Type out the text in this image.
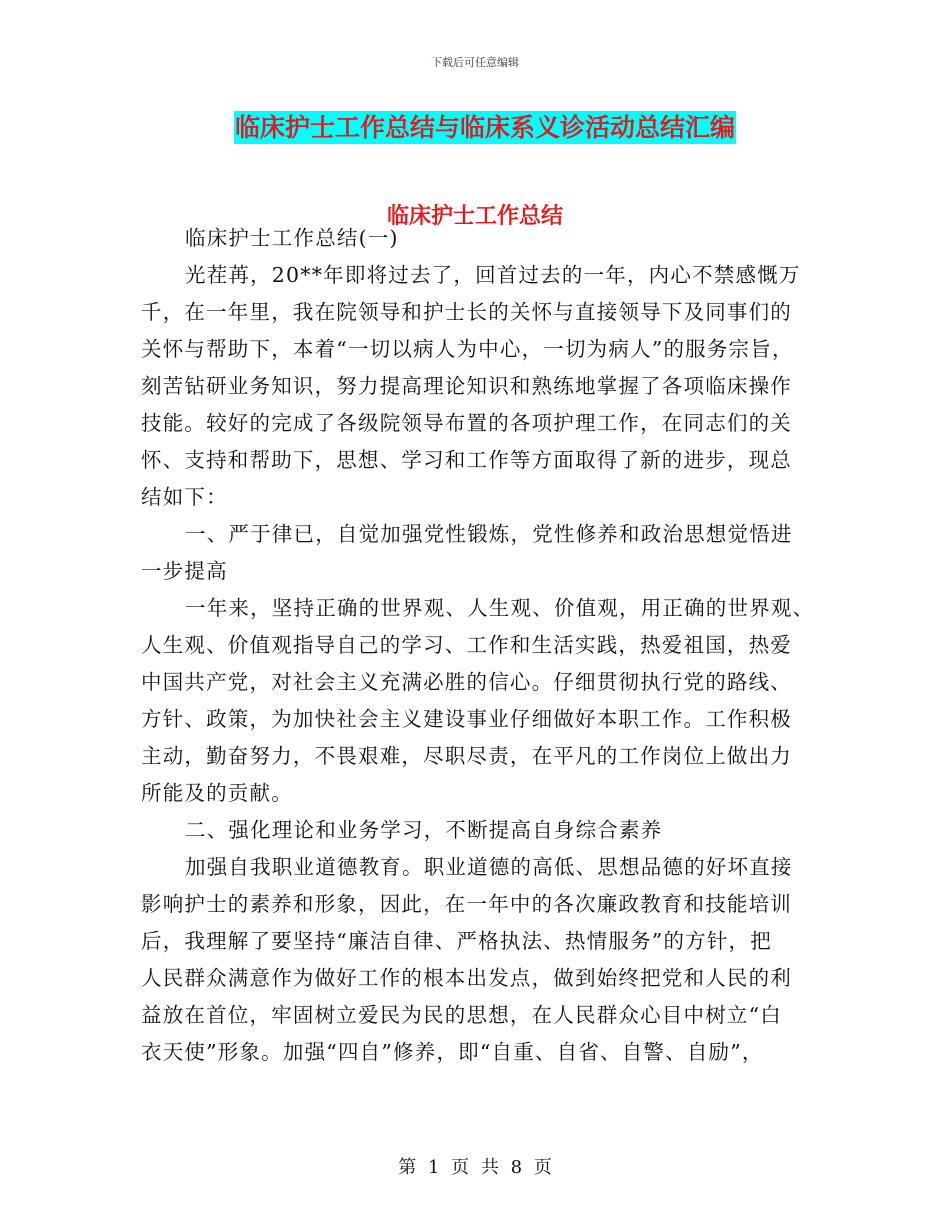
下载后可任意编辑
临床护士工作总结与临床系义诊活动总结汇编
临床护士工作总结
临床护士工作总结(一)
光茬苒，20**年即将过去了，回首过去的一年，内心不禁感慨万
千，在一年里，我在院领导和护士长的关怀与直接领导下及同事们的
关怀与帮助下，本着“一切以病人为中心，一切为病人”的服务宗旨，
刻苦钻研业务知识，努力提高理论知识和熟练地掌握了各项临床操作
技能。较好的完成了各级院领导布置的各项护理工作，在同志们的关
怀、支持和帮助下，思想、学习和工作等方面取得了新的进步，现总
结如下：
一、严于律已，自觉加强党性锻炼，党性修养和政治思想觉悟进
一步提高
一年来，坚持正确的世界观、人生观、价值观，用正确的世界观、
人生观、价值观指导自己的学习、工作和生活实践，热爱祖国，热爱
中国共产党，对社会主义充满必胜的信心。仔细贯彻执行党的路线、
方针、政策，为加快社会主义建设事业仔细做好本职工作。工作积极
主动，勤奋努力，不畏艰难，尽职尽责，在平凡的工作岗位上做出力
所能及的贡献。
二、强化理论和业务学习，不断提高自身综合素养
加强自我职业道德教育。职业道德的高低、思想品德的好坏直接
影响护士的素养和形象，因此，在一年中的各次廉政教育和技能培训
后，我理解了要坚持“廉洁自律、严格执法、热情服务”的方针，把
人民群众满意作为做好工作的根本出发点，做到始终把党和人民的利
益放在首位，牢固树立爱民为民的思想，在人民群众心目中树立“白
衣天使”形象。加强“四自”修养，即“自重、自省、自警、自励”，
第 1 页 共 8 页
